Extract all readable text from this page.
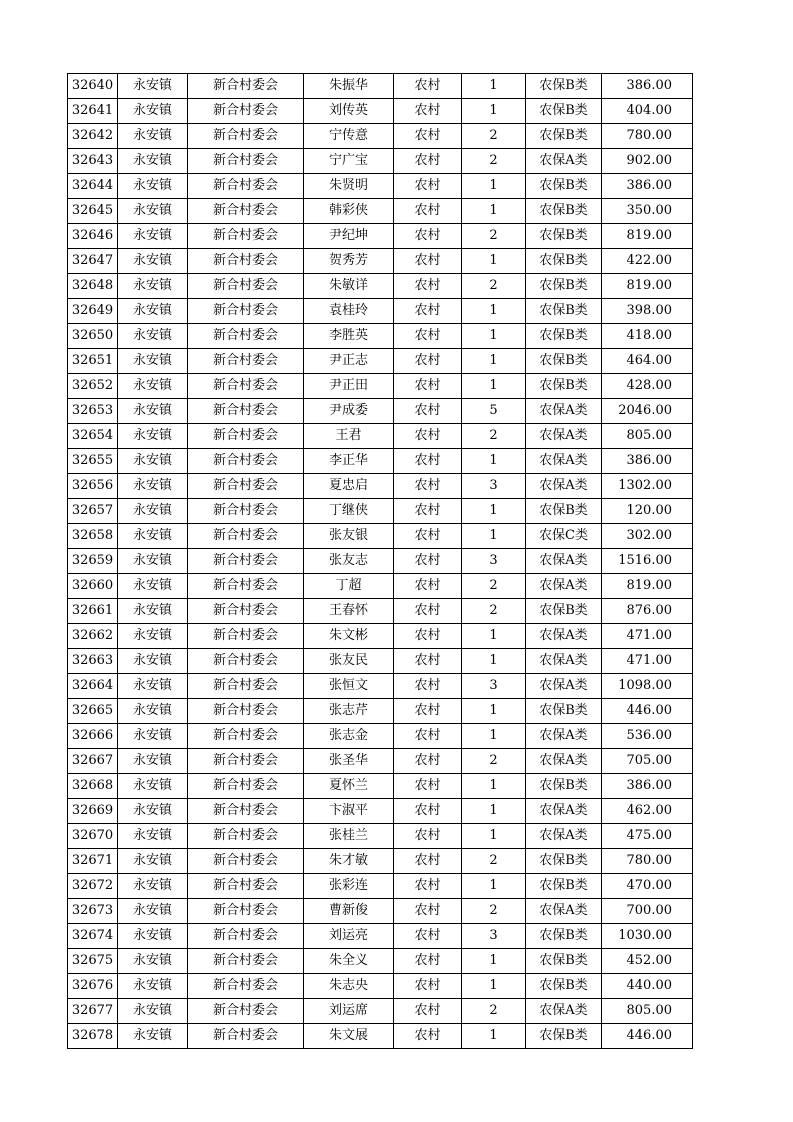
32640	永安镇	新合村委会	朱振华	农村	1	农保B类	386.00
32641	永安镇	新合村委会	刘传英	农村	1	农保B类	404.00
32642	永安镇	新合村委会	宁传意	农村	2	农保B类	780.00
32643	永安镇	新合村委会	宁广宝	农村	2	农保A类	902.00
32644	永安镇	新合村委会	朱贤明	农村	1	农保B类	386.00
32645	永安镇	新合村委会	韩彩侠	农村	1	农保B类	350.00
32646	永安镇	新合村委会	尹纪坤	农村	2	农保B类	819.00
32647	永安镇	新合村委会	贺秀芳	农村	1	农保B类	422.00
32648	永安镇	新合村委会	朱敏详	农村	2	农保B类	819.00
32649	永安镇	新合村委会	袁桂玲	农村	1	农保B类	398.00
32650	永安镇	新合村委会	李胜英	农村	1	农保B类	418.00
32651	永安镇	新合村委会	尹正志	农村	1	农保B类	464.00
32652	永安镇	新合村委会	尹正田	农村	1	农保B类	428.00
32653	永安镇	新合村委会	尹成委	农村	5	农保A类	2046.00
32654	永安镇	新合村委会	王君	农村	2	农保A类	805.00
32655	永安镇	新合村委会	李正华	农村	1	农保A类	386.00
32656	永安镇	新合村委会	夏忠启	农村	3	农保A类	1302.00
32657	永安镇	新合村委会	丁继侠	农村	1	农保B类	120.00
32658	永安镇	新合村委会	张友银	农村	1	农保C类	302.00
32659	永安镇	新合村委会	张友志	农村	3	农保A类	1516.00
32660	永安镇	新合村委会	丁超	农村	2	农保A类	819.00
32661	永安镇	新合村委会	王春怀	农村	2	农保B类	876.00
32662	永安镇	新合村委会	朱文彬	农村	1	农保A类	471.00
32663	永安镇	新合村委会	张友民	农村	1	农保A类	471.00
32664	永安镇	新合村委会	张恒文	农村	3	农保A类	1098.00
32665	永安镇	新合村委会	张志芹	农村	1	农保B类	446.00
32666	永安镇	新合村委会	张志金	农村	1	农保A类	536.00
32667	永安镇	新合村委会	张圣华	农村	2	农保A类	705.00
32668	永安镇	新合村委会	夏怀兰	农村	1	农保B类	386.00
32669	永安镇	新合村委会	卞淑平	农村	1	农保A类	462.00
32670	永安镇	新合村委会	张桂兰	农村	1	农保A类	475.00
32671	永安镇	新合村委会	朱才敏	农村	2	农保B类	780.00
32672	永安镇	新合村委会	张彩连	农村	1	农保B类	470.00
32673	永安镇	新合村委会	曹新俊	农村	2	农保A类	700.00
32674	永安镇	新合村委会	刘运亮	农村	3	农保B类	1030.00
32675	永安镇	新合村委会	朱全义	农村	1	农保B类	452.00
32676	永安镇	新合村委会	朱志央	农村	1	农保B类	440.00
32677	永安镇	新合村委会	刘运席	农村	2	农保A类	805.00
32678	永安镇	新合村委会	朱文展	农村	1	农保B类	446.00
